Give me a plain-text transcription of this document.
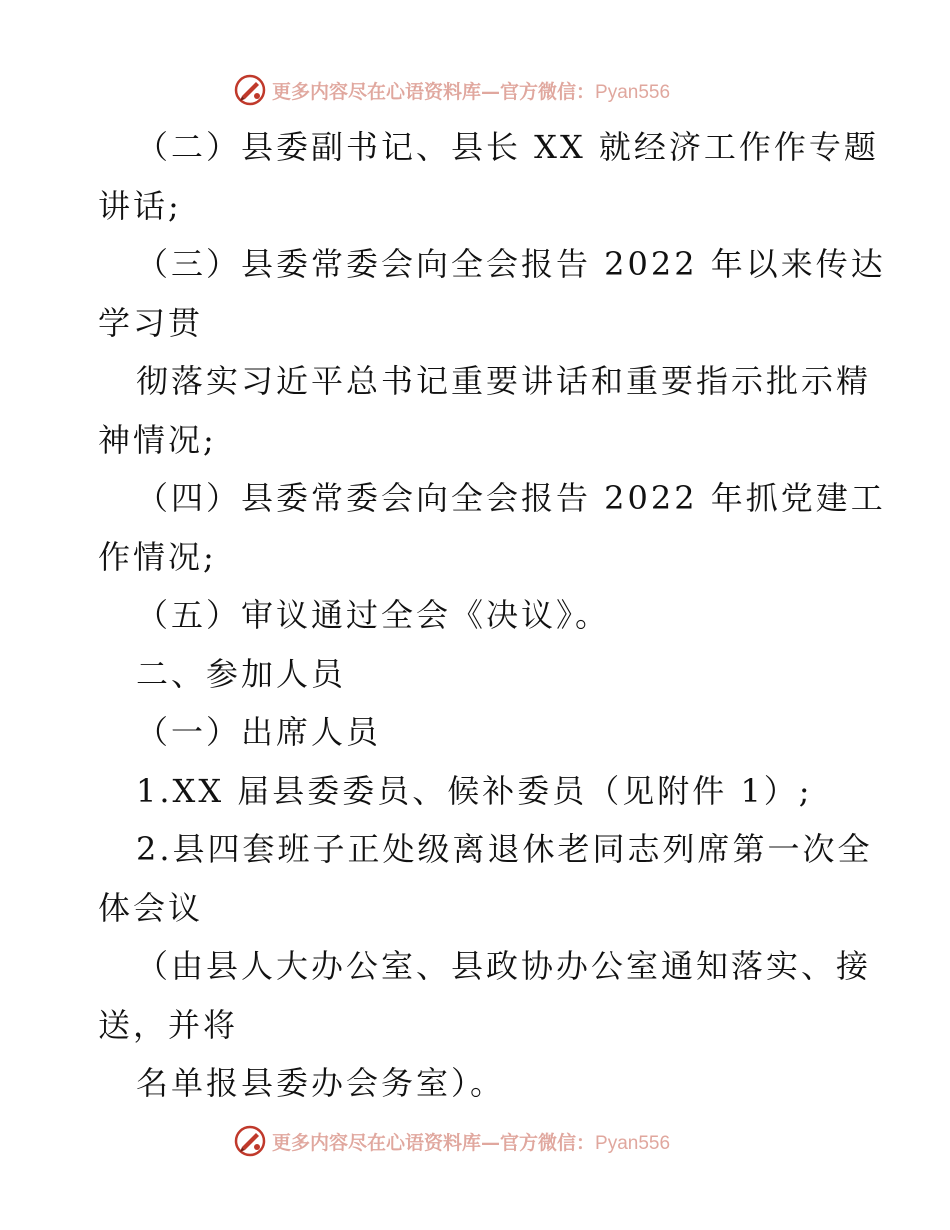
更多内容尽在心语资料库—官方微信：Pyan556
（二）县委副书记、县长 XX 就经济工作作专题
讲话;
（三）县委常委会向全会报告 2022 年以来传达
学习贯
彻落实习近平总书记重要讲话和重要指示批示精
神情况;
（四）县委常委会向全会报告 2022 年抓党建工
作情况;
（五）审议通过全会《决议》。
二、参加人员
（一）出席人员
1.XX 届县委委员、候补委员（见附件 1）;
2.县四套班子正处级离退休老同志列席第一次全
体会议
（由县人大办公室、县政协办公室通知落实、接
送，并将
名单报县委办会务室）。
更多内容尽在心语资料库—官方微信：Pyan556
